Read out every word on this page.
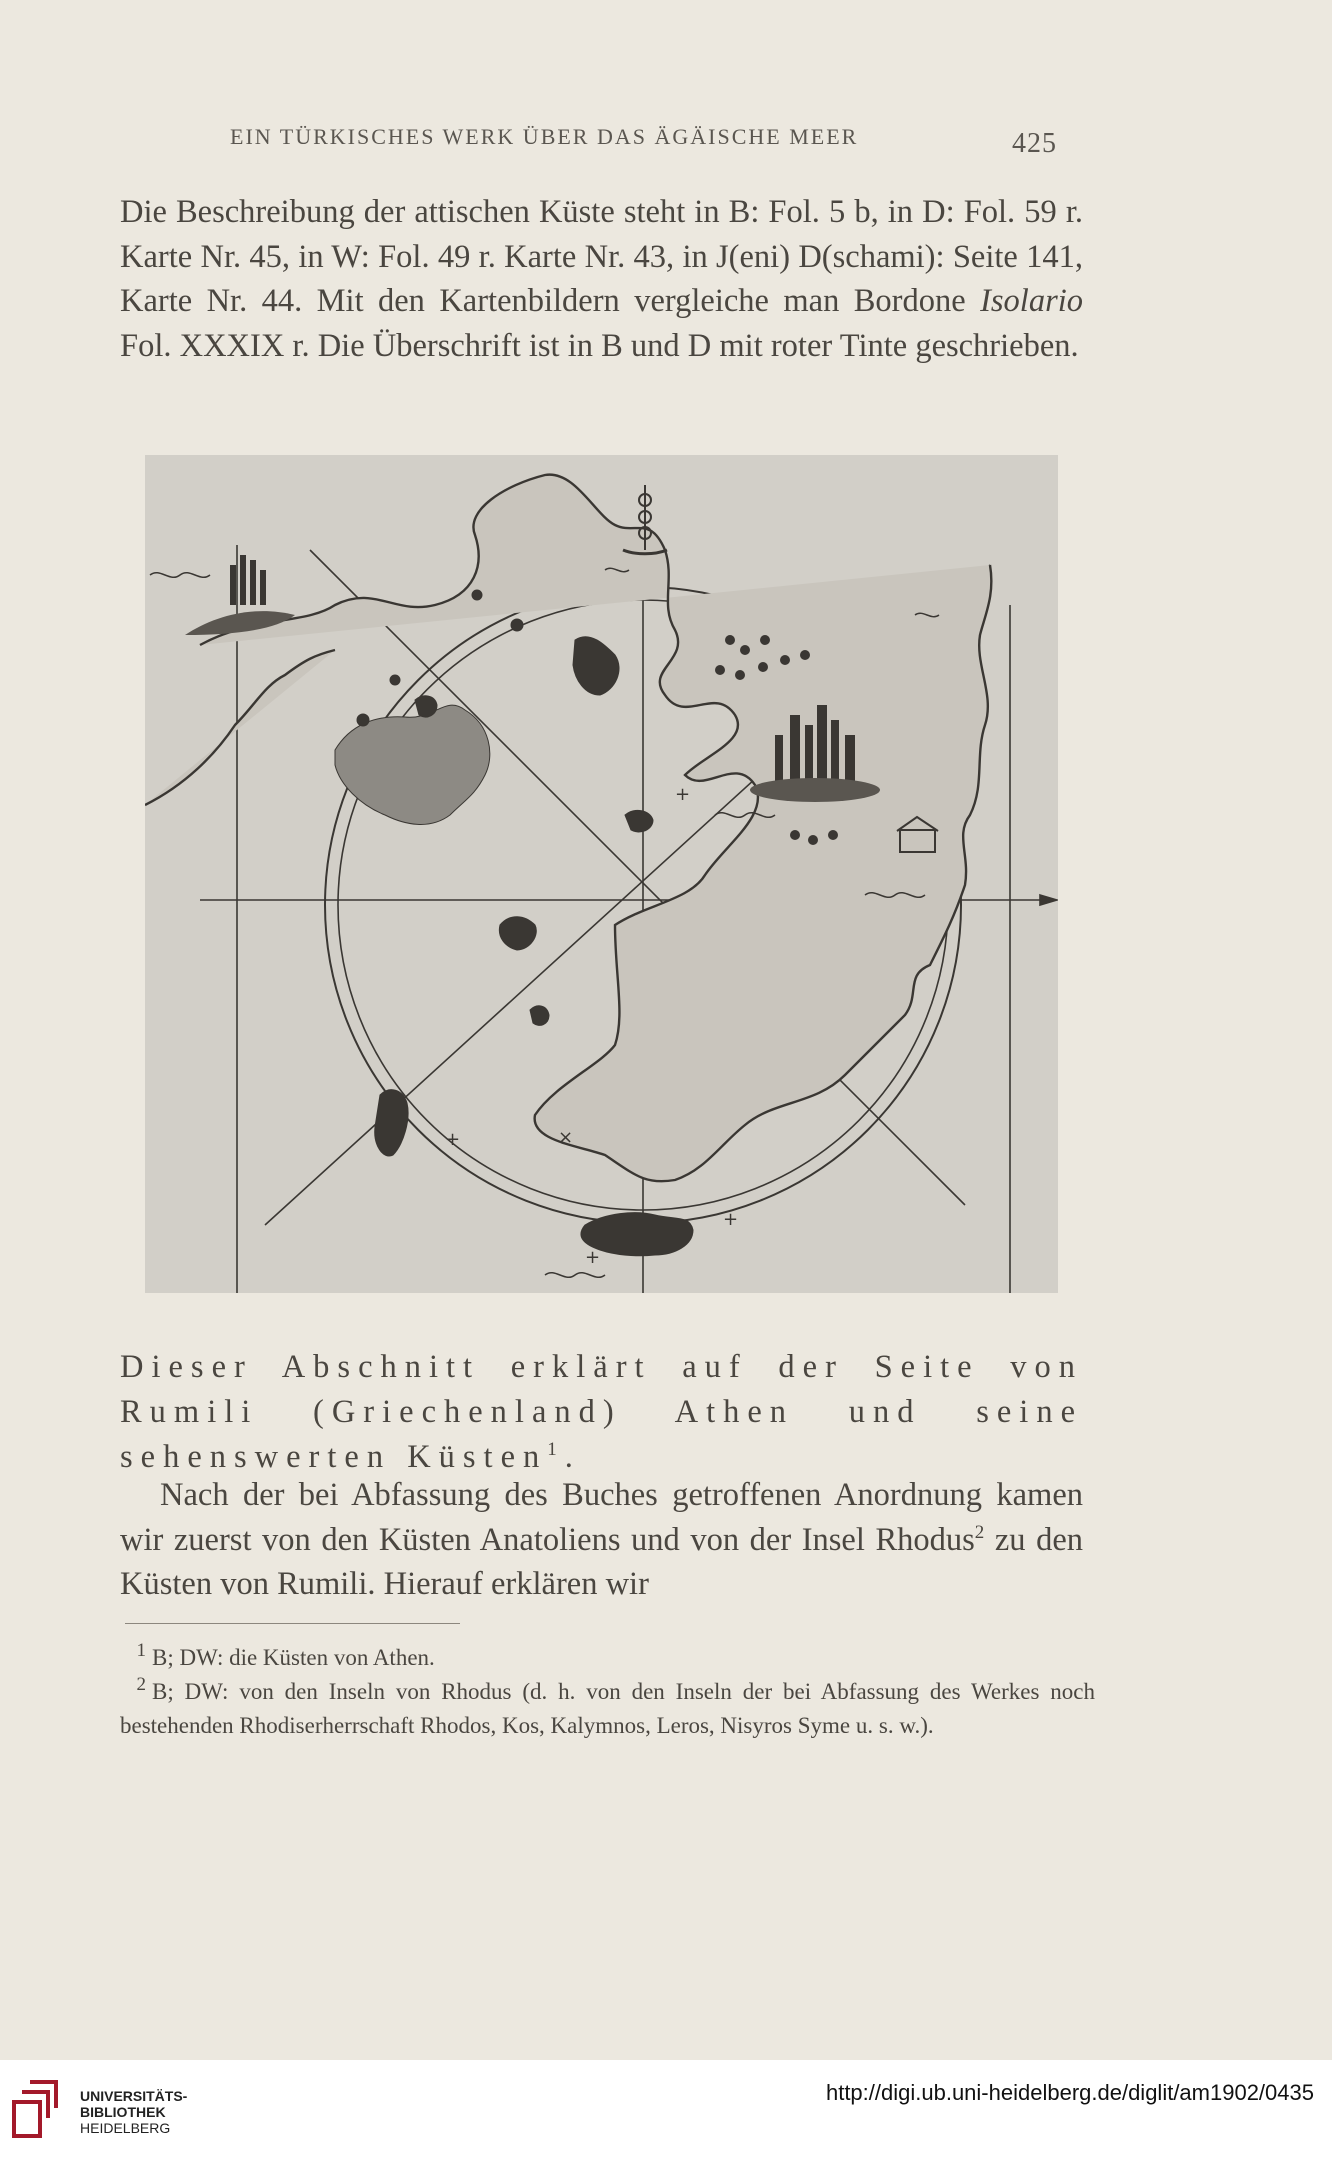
EIN TÜRKISCHES WERK ÜBER DAS ÄGÄISCHE MEER	425

Die Beschreibung der attischen Küste steht in B: Fol. 5 b, in D: Fol. 59 r. Karte Nr. 45, in W: Fol. 49 r. Karte Nr. 43, in J(eni) D(schami): Seite 141, Karte Nr. 44. Mit den Kartenbildern vergleiche man Bordone Isolario Fol. XXXIX r. Die Überschrift ist in B und D mit roter Tinte geschrieben.

+
+
+
+
×

Dieser Abschnitt erklärt auf der Seite von Rumili (Griechenland) Athen und seine sehenswerten Küsten$^1$.

Nach der bei Abfassung des Buches getroffenen Anordnung kamen wir zuerst von den Küsten Anatoliens und von der Insel Rhodus$^2$ zu den Küsten von Rumili. Hierauf erklären wir

$^1$ B; DW: die Küsten von Athen.
$^2$ B; DW: von den Inseln von Rhodus (d. h. von den Inseln der bei Abfassung des Werkes noch bestehenden Rhodiserherrschaft Rhodos, Kos, Kalymnos, Leros, Nisyros Syme u. s. w.).
UNIVERSITÄTS-
BIBLIOTHEK
HEIDELBERG
http://digi.ub.uni-heidelberg.de/diglit/am1902/0435
